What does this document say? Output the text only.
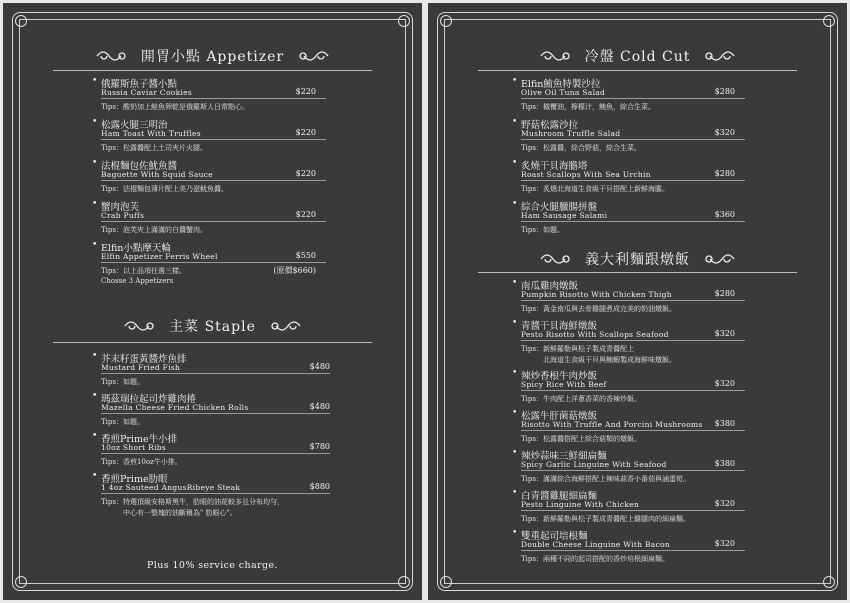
開胃小點 Appetizer
• 俄羅斯魚子醬小點
Russia Caviar Cookies	$220
Tips：酸奶加上鮭魚卵乾是俄羅斯人日常點心。
• 松露火腿三明治
Ham Toast With Truffles	$220
Tips：松露醬配上土司夾片火腿。
• 法棍麵包佐魷魚醬
Baguette With Squid Sauce	$220
Tips：法棍麵包薄片配上美乃滋魷魚醬。
• 蟹肉泡芙
Crab Puffs	$220
Tips：泡芙夾上滿滿的白醬蟹肉。
• Elfin小點摩天輪
Elfin Appetizer Ferris Wheel	$550
Tips：以上品項任選三樣。	(原價$660)
Chosse 3 Appetizers
主菜 Staple
• 芥末籽蛋黃醬炸魚排
Mustard Fried Fish	$480
Tips：如題。
• 瑪茲瑞拉起司炸雞肉捲
Mazella Cheese Fried Chicken Rolls	$480
Tips：如題。
• 香煎Prime牛小排
10oz Short Ribs	$780
Tips：香煎10oz牛小排。
• 香煎Prime肋眼
1 4oz Sauteed AngusRibeye Steak	$880
Tips：特選頂級安格斯黑牛，肋眼的油花較多且分布均勻，
中心有一整塊的油斷稱為" 肋眼心"。
Plus 10% service charge.
冷盤 Cold Cut
• Elfin鮪魚特製沙拉
Olive Oil Tuna Salad	$280
Tips：橄欖油，檸檬汁，鮪魚，綜合生菜。
• 野菇松露沙拉
Mushroom Truffle Salad	$320
Tips：松露醬，綜合野菇，綜合生菜。
• 炙燒干貝海膽塔
Roast Scallops With Sea Urchin	$280
Tips：炙燒北海道生食級干貝搭配上新鮮海膽。
• 綜合火腿臘腸拼盤
Ham Sausage Salami	$360
Tips：如題。
義大利麵跟燉飯
• 南瓜雞肉燉飯
Pumpkin Risotto With Chicken Thigh	$280
Tips：黃金南瓜與去骨雞腿煮成完美的奶油燉飯。
• 青醬干貝海鮮燉飯
Pesto Risotto With Scallops Seafood	$320
Tips：新鮮羅勒與松子製成青醬配上
北海道生食級干貝與鮪蝦製成海鮮味燉飯。
• 辣炒香根牛肉炒飯
Spicy Rice With Beef	$320
Tips：牛肉配上洋蔥香菜的香辣炒飯。
• 松露牛肝菌菇燉飯
Risotto With Truffle And Porcini Mushrooms $380
Tips：松露醬搭配上綜合菇類的燉飯。
• 辣炒蒜味三鮮細扁麵
Spicy Garlic Linguine With Seafood	$380
Tips：滿滿綜合海鮮搭配上辣味蒜香小番茄與滷蛋筍。
• 白青醬雞腿細扁麵
Pesto Linguine With Chicken	$320
Tips：新鮮羅勒與松子製成青醬配上雞腿肉的細扁麵。
• 雙重起司培根麵
Double Cheese Linguine With Bacon	$320
Tips：兩種不同的起司搭配的香炒培根細扁麵。
